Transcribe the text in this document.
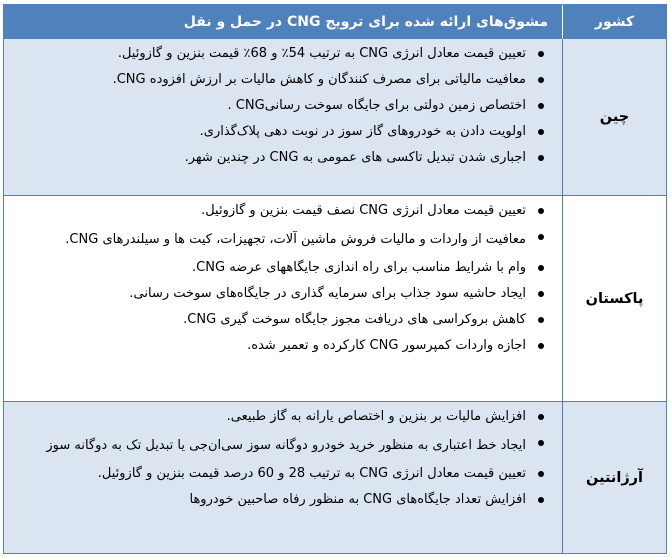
کشور
مشوق‌های ارائه شده برای ترویج CNG در حمل و نقل
چین
تعیین قیمت معادل انرژی CNG به ترتیب 54٪ و 68٪ قیمت بنزین و گازوئیل.
معافیت مالیاتی برای مصرف کنندگان و کاهش مالیات بر ارزش افزوده CNG.
اختصاص زمین دولتی برای جایگاه سوخت رسانیCNG .
اولویت دادن به خودروهای گاز سوز در نوبت دهی پلاک‌گذاری.
اجباری شدن تبدیل تاکسی های عمومی به CNG در چندین شهر.
پاکستان
تعیین قیمت معادل انرژی CNG نصف قیمت بنزین و گازوئیل.
معافیت از واردات و مالیات فروش ماشین آلات، تجهیزات، کیت ها و سیلندرهای CNG.
وام با شرایط مناسب برای راه اندازی جایگاههای عرضه CNG.
ایجاد حاشیه سود جذاب برای سرمایه گذاری در جایگاه‌های سوخت رسانی.
کاهش بروکراسی های دریافت مجوز جایگاه سوخت گیری CNG.
اجازه واردات کمپرسور CNG کارکرده و تعمیر شده.
آرژانتین
افزایش مالیات بر بنزین و اختصاص یارانه به گاز طبیعی.
ایجاد خط اعتباری به منظور خرید خودرو دوگانه سوز سی‌ان‌جی یا تبدیل تک به دوگانه سوز
تعیین قیمت معادل انرژی CNG به ترتیب 28 و 60 درصد قیمت بنزین و گازوئیل.
افزایش تعداد جایگاه‌های CNG به منظور رفاه صاحبین خودروها
